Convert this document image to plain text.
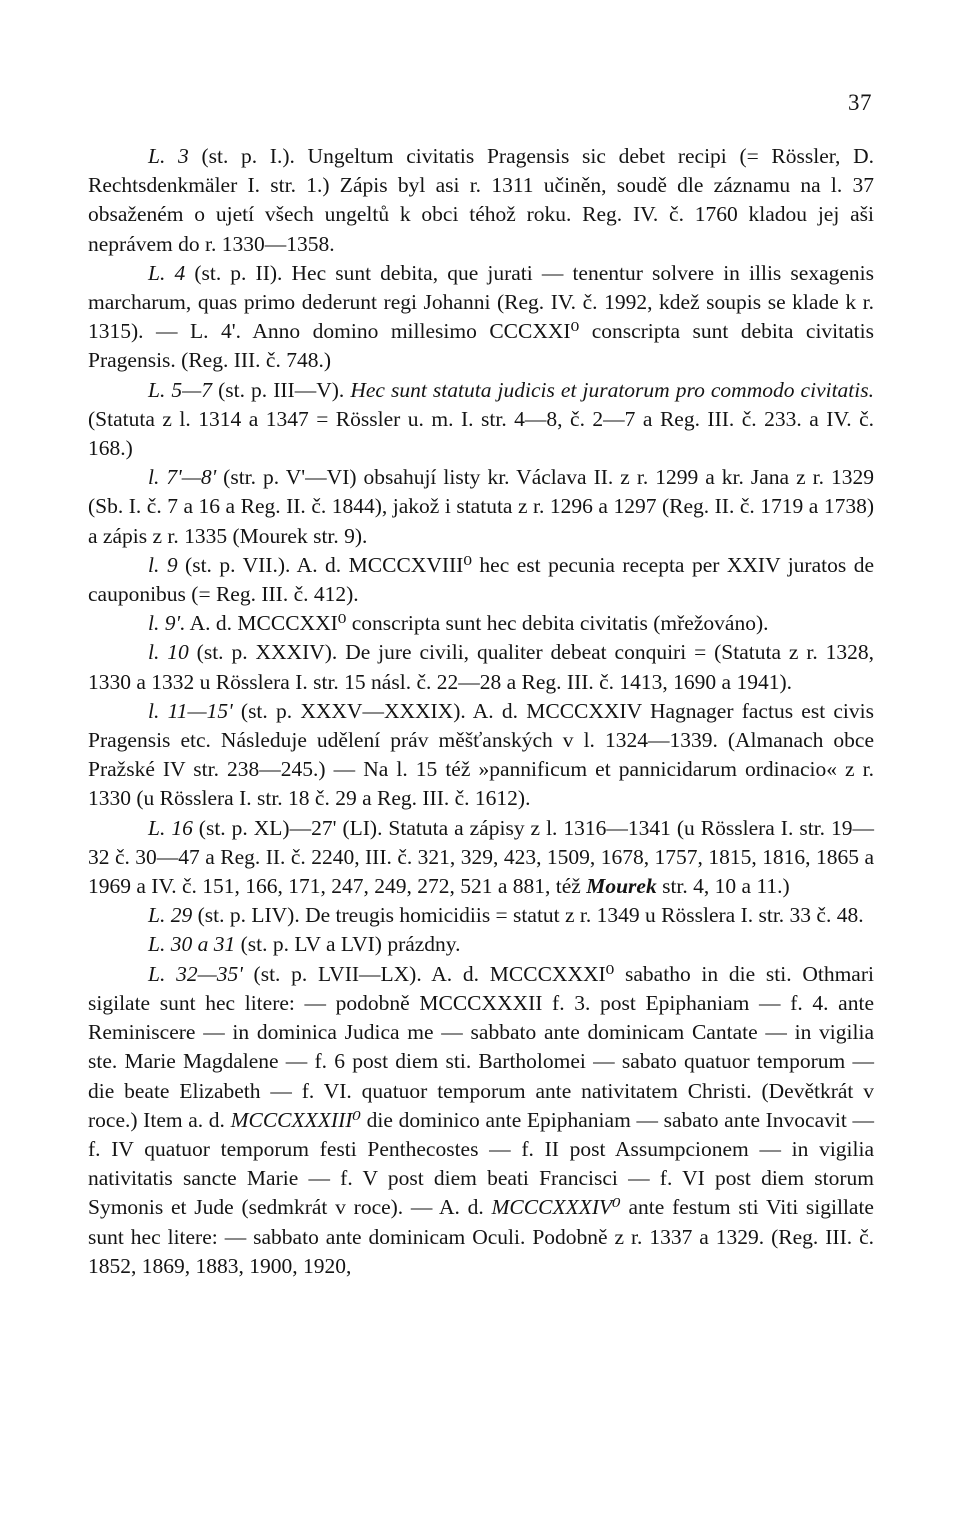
37

L. 3 (st. p. I.). Ungeltum civitatis Pragensis sic debet recipi (= Rössler, D. Rechtsdenkmäler I. str. 1.) Zápis byl asi r. 1311 učiněn, soudě dle záznamu na l. 37 obsaženém o ujetí všech ungeltů k obci téhož roku. Reg. IV. č. 1760 kladou jej aši neprávem do r. 1330—1358.

L. 4 (st. p. II). Hec sunt debita, que jurati — tenentur solvere in illis sexagenis marcharum, quas primo dederunt regi Johanni (Reg. IV. č. 1992, kdež soupis se klade k r. 1315). — L. 4'. Anno domino millesimo CCCXXI⁰ conscripta sunt debita civitatis Pragensis. (Reg. III. č. 748.)

L. 5—7 (st. p. III—V). Hec sunt statuta judicis et juratorum pro commodo civitatis. (Statuta z l. 1314 a 1347 = Rössler u. m. I. str. 4—8, č. 2—7 a Reg. III. č. 233. a IV. č. 168.)

l. 7'—8' (str. p. V'—VI) obsahují listy kr. Václava II. z r. 1299 a kr. Jana z r. 1329 (Sb. I. č. 7 a 16 a Reg. II. č. 1844), jakož i statuta z r. 1296 a 1297 (Reg. II. č. 1719 a 1738) a zápis z r. 1335 (Mourek str. 9).

l. 9 (st. p. VII.). A. d. MCCCXVIII⁰ hec est pecunia recepta per XXIV juratos de cauponibus (= Reg. III. č. 412).

l. 9'. A. d. MCCCXXI⁰ conscripta sunt hec debita civitatis (mřežováno).

l. 10 (st. p. XXXIV). De jure civili, qualiter debeat conquiri = (Statuta z r. 1328, 1330 a 1332 u Rösslera I. str. 15 násl. č. 22—28 a Reg. III. č. 1413, 1690 a 1941).

l. 11—15' (st. p. XXXV—XXXIX). A. d. MCCCXXIV Hagnager factus est civis Pragensis etc. Následuje udělení práv měšťanských v l. 1324—1339. (Almanach obce Pražské IV str. 238—245.) — Na l. 15 též »pannificum et pannicidarum ordinacio« z r. 1330 (u Rösslera I. str. 18 č. 29 a Reg. III. č. 1612).

L. 16 (st. p. XL)—27' (LI). Statuta a zápisy z l. 1316—1341 (u Rösslera I. str. 19—32 č. 30—47 a Reg. II. č. 2240, III. č. 321, 329, 423, 1509, 1678, 1757, 1815, 1816, 1865 a 1969 a IV. č. 151, 166, 171, 247, 249, 272, 521 a 881, též Mourek str. 4, 10 a 11.)

L. 29 (st. p. LIV). De treugis homicidiis = statut z r. 1349 u Rösslera I. str. 33 č. 48.

L. 30 a 31 (st. p. LV a LVI) prázdny.

L. 32—35' (st. p. LVII—LX). A. d. MCCCXXXI⁰ sabatho in die sti. Othmari sigilate sunt hec litere: — podobně MCCCXXXII f. 3. post Epiphaniam — f. 4. ante Reminiscere — in dominica Judica me — sabbato ante dominicam Cantate — in vigilia ste. Marie Magdalene — f. 6 post diem sti. Bartholomei — sabato quatuor temporum — die beate Elizabeth — f. VI. quatuor temporum ante nativitatem Christi. (Devětkrát v roce.) Item a. d. MCCCXXXIII⁰ die dominico ante Epiphaniam — sabato ante Invocavit — f. IV quatuor temporum festi Penthecostes — f. II post Assumpcionem — in vigilia nativitatis sancte Marie — f. V post diem beati Francisci — f. VI post diem storum Symonis et Jude (sedmkrát v roce). — A. d. MCCCXXXIV⁰ ante festum sti Viti sigillate sunt hec litere: — sabbato ante dominicam Oculi. Podobně z r. 1337 a 1329. (Reg. III. č. 1852, 1869, 1883, 1900, 1920,
